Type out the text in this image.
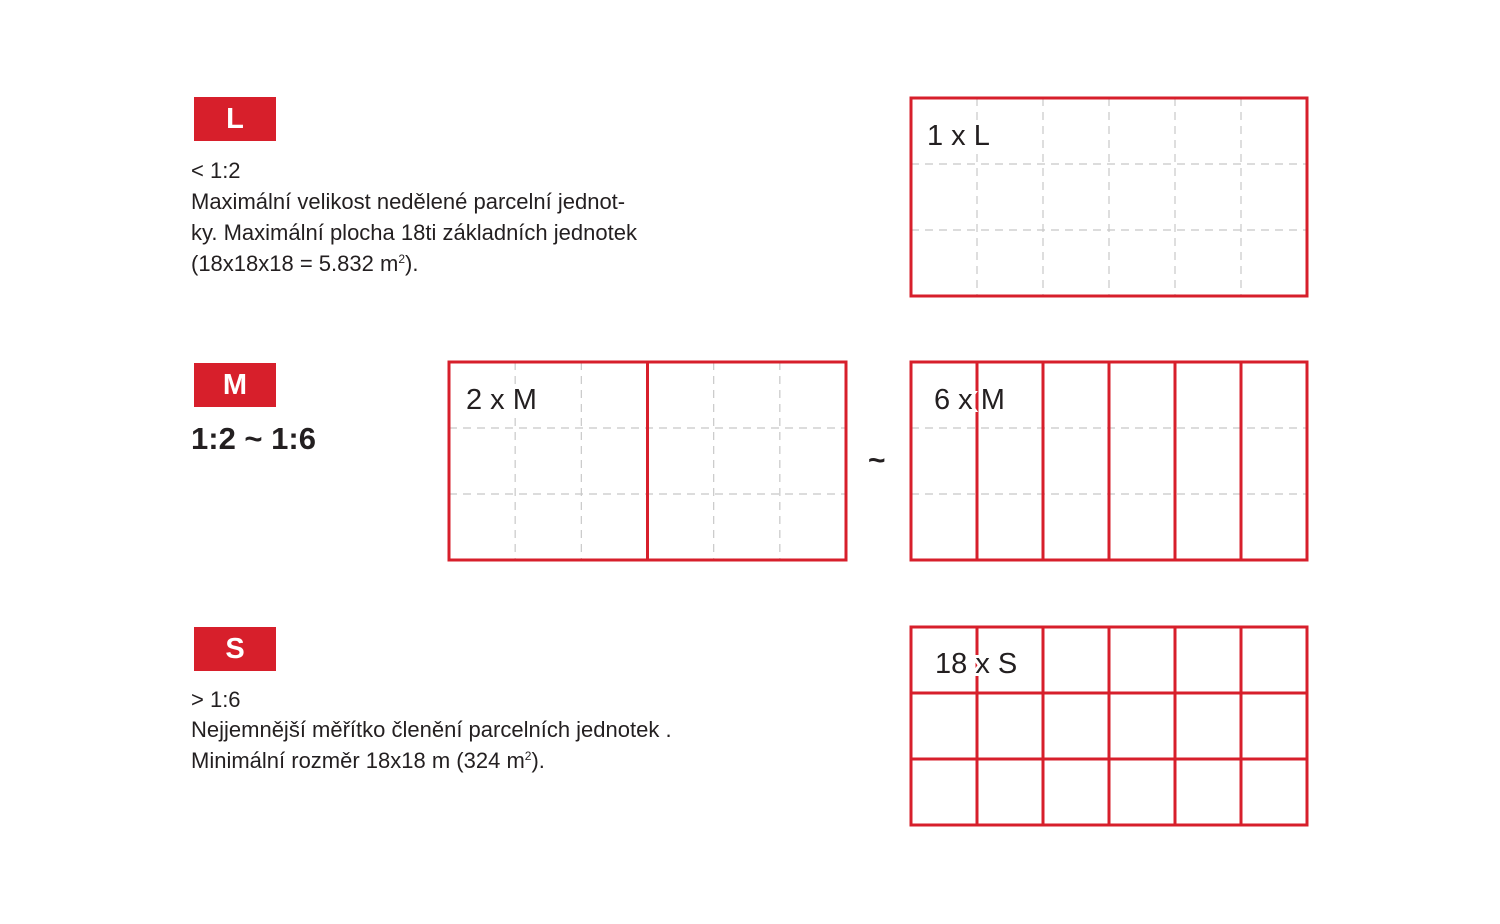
L
< 1:2
Maximální velikost nedělené parcelní jednot-
ky. Maximální plocha 18ti základních jednotek
(18x18x18 = 5.832 $m^2$).
M
1:2 ~ 1:6
~
S
> 1:6
Nejjemnější měřítko členění parcelních jednotek .
Minimální rozměr 18x18 m (324 $m^2$).
1 x L
2 x M	6 x M
18 x S
